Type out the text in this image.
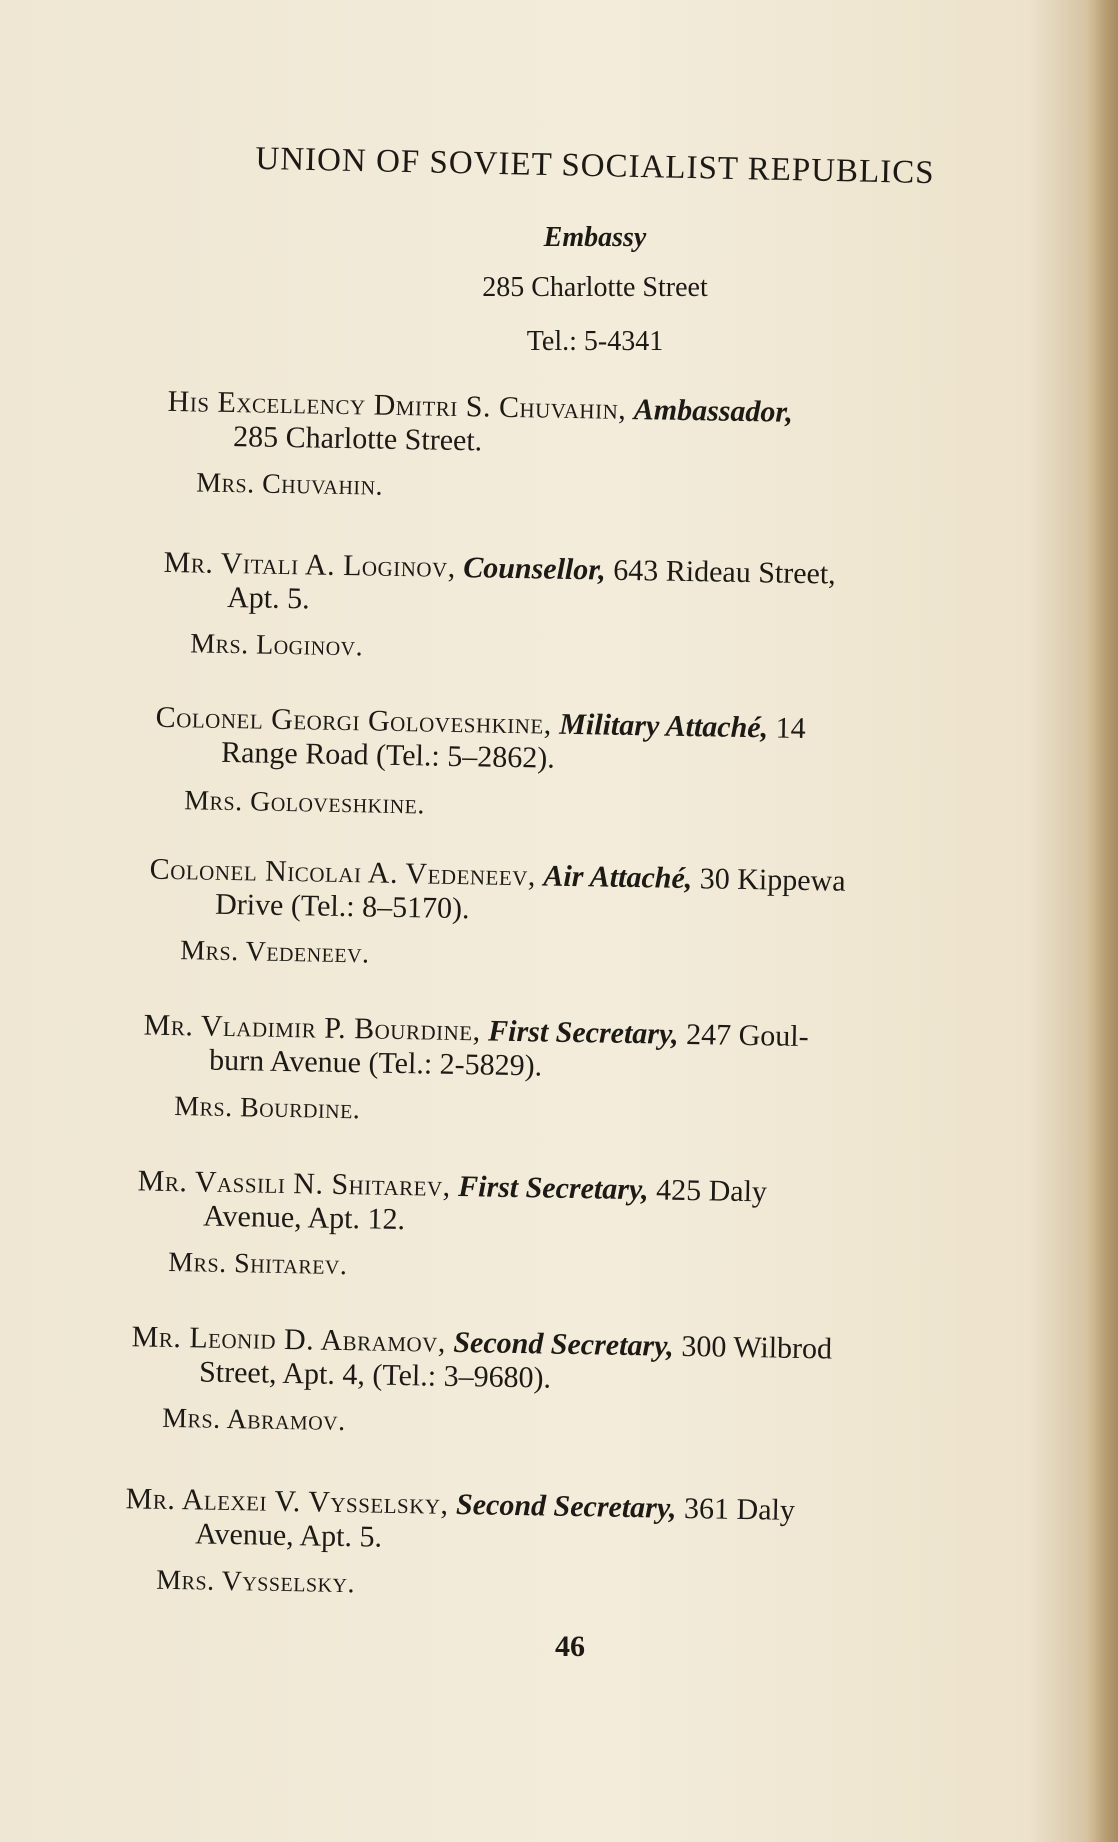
UNION OF SOVIET SOCIALIST REPUBLICS
Embassy
285 Charlotte Street
Tel.: 5-4341
His Excellency Dmitri S. Chuvahin, Ambassador,
285 Charlotte Street.
Mrs. Chuvahin.
Mr. Vitali A. Loginov, Counsellor, 643 Rideau Street,
Apt. 5.
Mrs. Loginov.
Colonel Georgi Goloveshkine, Military Attaché, 14
Range Road (Tel.: 5–2862).
Mrs. Goloveshkine.
Colonel Nicolai A. Vedeneev, Air Attaché, 30 Kippewa
Drive (Tel.: 8–5170).
Mrs. Vedeneev.
Mr. Vladimir P. Bourdine, First Secretary, 247 Goul-
burn Avenue (Tel.: 2-5829).
Mrs. Bourdine.
Mr. Vassili N. Shitarev, First Secretary, 425 Daly
Avenue, Apt. 12.
Mrs. Shitarev.
Mr. Leonid D. Abramov, Second Secretary, 300 Wilbrod
Street, Apt. 4, (Tel.: 3–9680).
Mrs. Abramov.
Mr. Alexei V. Vysselsky, Second Secretary, 361 Daly
Avenue, Apt. 5.
Mrs. Vysselsky.
46
